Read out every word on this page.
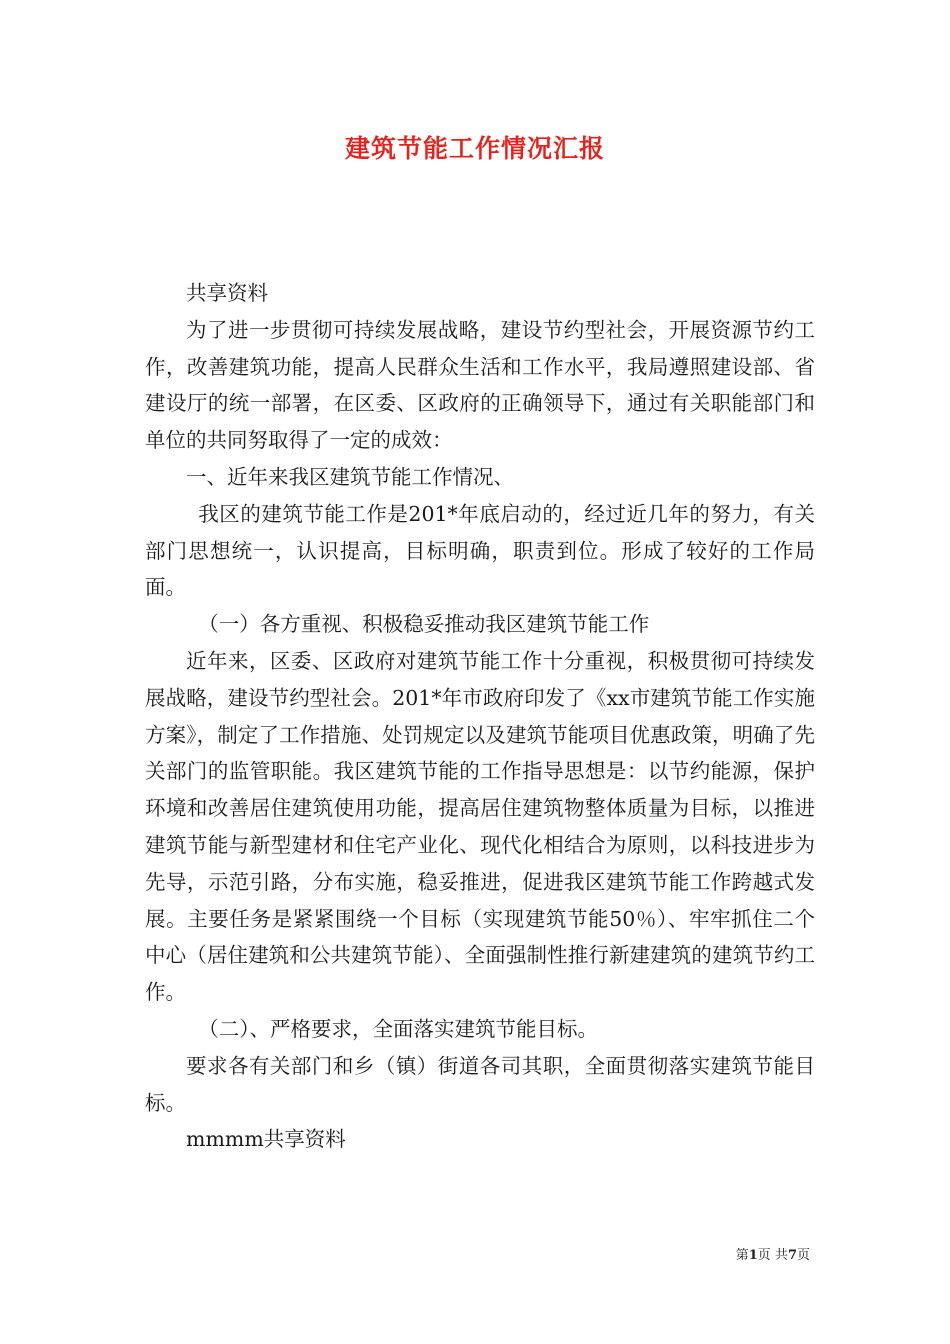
建筑节能工作情况汇报

共享资料

为了进一步贯彻可持续发展战略，建设节约型社会，开展资源节约工作，改善建筑功能，提高人民群众生活和工作水平，我局遵照建设部、省建设厅的统一部署，在区委、区政府的正确领导下，通过有关职能部门和单位的共同努取得了一定的成效：

一、近年来我区建筑节能工作情况、

我区的建筑节能工作是201*年底启动的，经过近几年的努力，有关部门思想统一，认识提高，目标明确，职责到位。形成了较好的工作局面。

（一）各方重视、积极稳妥推动我区建筑节能工作

近年来，区委、区政府对建筑节能工作十分重视，积极贯彻可持续发展战略，建设节约型社会。201*年市政府印发了《xx市建筑节能工作实施方案》，制定了工作措施、处罚规定以及建筑节能项目优惠政策，明确了先关部门的监管职能。我区建筑节能的工作指导思想是：以节约能源，保护环境和改善居住建筑使用功能，提高居住建筑物整体质量为目标，以推进建筑节能与新型建材和住宅产业化、现代化相结合为原则，以科技进步为先导，示范引路，分布实施，稳妥推进，促进我区建筑节能工作跨越式发展。主要任务是紧紧围绕一个目标（实现建筑节能50％）、牢牢抓住二个中心（居住建筑和公共建筑节能）、全面强制性推行新建建筑的建筑节约工作。

（二）、严格要求，全面落实建筑节能目标。

要求各有关部门和乡（镇）街道各司其职，全面贯彻落实建筑节能目标。

mmmm共享资料

第1页 共7页
